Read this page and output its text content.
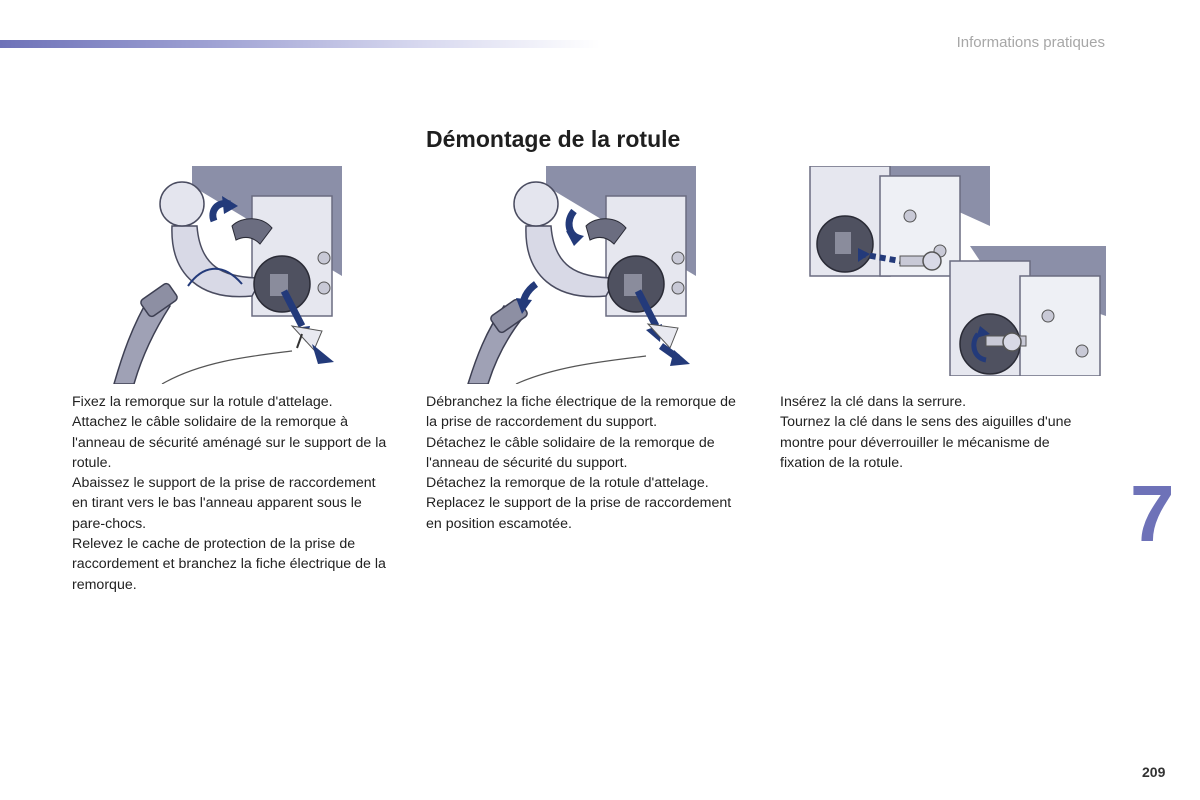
Informations pratiques
Démontage de la rotule

Fixez la remorque sur la rotule d'attelage.

Attachez le câble solidaire de la remorque à l'anneau de sécurité aménagé sur le support de la rotule.

Abaissez le support de la prise de raccordement en tirant vers le bas l'anneau apparent sous le pare-chocs.

Relevez le cache de protection de la prise de raccordement et branchez la fiche électrique de la remorque.

Débranchez la fiche électrique de la remorque de la prise de raccordement du support.

Détachez le câble solidaire de la remorque de l'anneau de sécurité du support.

Détachez la remorque de la rotule d'attelage.

Replacez le support de la prise de raccordement en position escamotée.

Insérez la clé dans la serrure.

Tournez la clé dans le sens des aiguilles d'une montre pour déverrouiller le mécanisme de fixation de la rotule.

7
209
